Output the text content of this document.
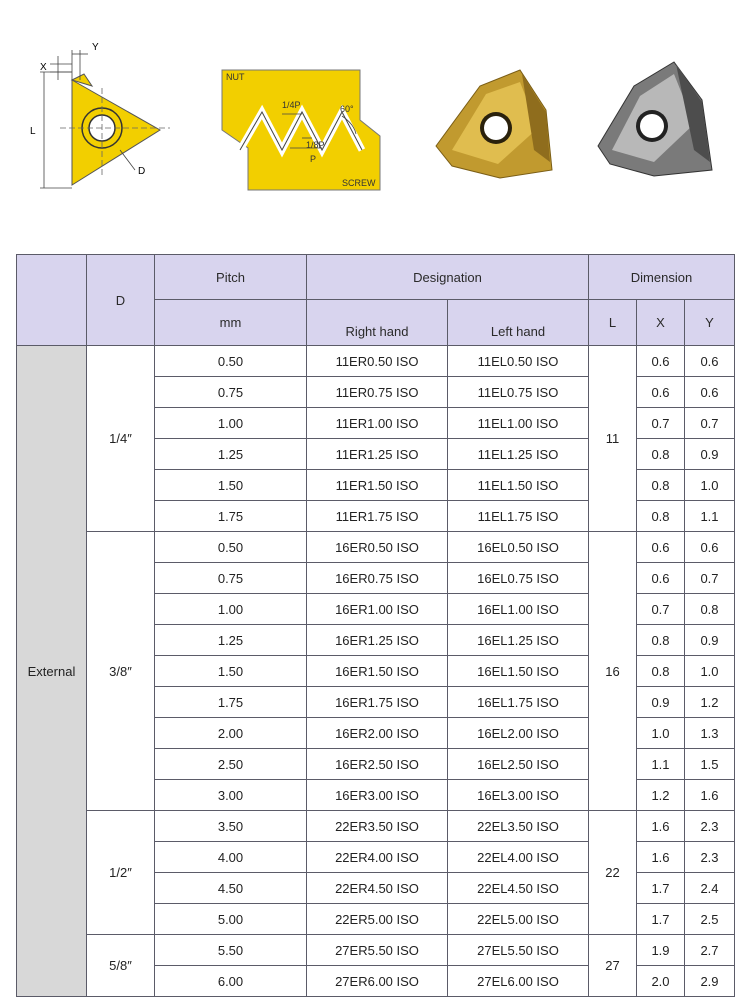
Y
X
L
D
NUT
1/4P	60°
1/8P
P
SCREW
	D	Pitch	Designation		Dimension		
		mm	Right hand	Left hand	L	X	Y
External	1/4″	0.50	11ER0.50 ISO	11EL0.50 ISO	11	0.6	0.6
		0.75	11ER0.75 ISO	11EL0.75 ISO		0.6	0.6
		1.00	11ER1.00 ISO	11EL1.00 ISO		0.7	0.7
		1.25	11ER1.25 ISO	11EL1.25 ISO		0.8	0.9
		1.50	11ER1.50 ISO	11EL1.50 ISO		0.8	1.0
		1.75	11ER1.75 ISO	11EL1.75 ISO		0.8	1.1
	3/8″	0.50	16ER0.50 ISO	16EL0.50 ISO	16	0.6	0.6
		0.75	16ER0.75 ISO	16EL0.75 ISO		0.6	0.7
		1.00	16ER1.00 ISO	16EL1.00 ISO		0.7	0.8
		1.25	16ER1.25 ISO	16EL1.25 ISO		0.8	0.9
		1.50	16ER1.50 ISO	16EL1.50 ISO		0.8	1.0
		1.75	16ER1.75 ISO	16EL1.75 ISO		0.9	1.2
		2.00	16ER2.00 ISO	16EL2.00 ISO		1.0	1.3
		2.50	16ER2.50 ISO	16EL2.50 ISO		1.1	1.5
		3.00	16ER3.00 ISO	16EL3.00 ISO		1.2	1.6
	1/2″	3.50	22ER3.50 ISO	22EL3.50 ISO	22	1.6	2.3
		4.00	22ER4.00 ISO	22EL4.00 ISO		1.6	2.3
		4.50	22ER4.50 ISO	22EL4.50 ISO		1.7	2.4
		5.00	22ER5.00 ISO	22EL5.00 ISO		1.7	2.5
	5/8″	5.50	27ER5.50 ISO	27EL5.50 ISO	27	1.9	2.7
		6.00	27ER6.00 ISO	27EL6.00 ISO		2.0	2.9
